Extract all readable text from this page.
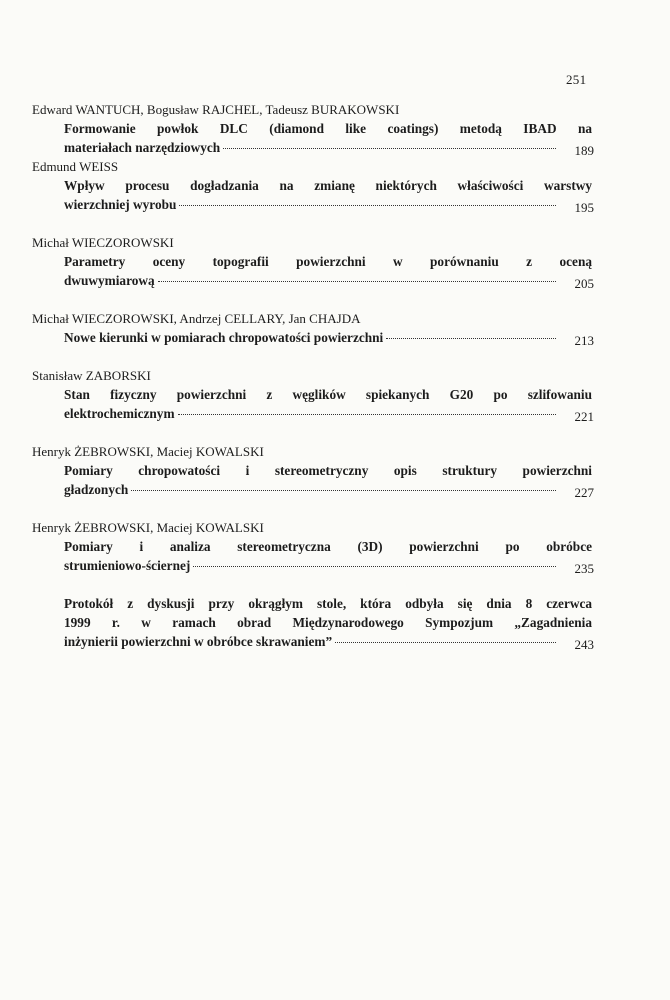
251
Edward WANTUCH, Bogusław RAJCHEL, Tadeusz BURAKOWSKI
Formowanie powłok DLC (diamond like coatings) metodą IBAD na
materiałach narzędziowych	189
Edmund WEISS
Wpływ procesu dogładzania na zmianę niektórych właściwości warstwy
wierzchniej wyrobu	195
Michał WIECZOROWSKI
Parametry oceny topografii powierzchni w porównaniu z oceną
dwuwymiarową	205
Michał WIECZOROWSKI, Andrzej CELLARY, Jan CHAJDA
Nowe kierunki w pomiarach chropowatości powierzchni	213
Stanisław ZABORSKI
Stan fizyczny powierzchni z węglików spiekanych G20 po szlifowaniu
elektrochemicznym	221
Henryk ŻEBROWSKI, Maciej KOWALSKI
Pomiary chropowatości i stereometryczny opis struktury powierzchni
gładzonych	227
Henryk ŻEBROWSKI, Maciej KOWALSKI
Pomiary i analiza stereometryczna (3D) powierzchni po obróbce
strumieniowo-ściernej	235
Protokół z dyskusji przy okrągłym stole, która odbyła się dnia 8 czerwca
1999 r. w ramach obrad Międzynarodowego Sympozjum „Zagadnienia
inżynierii powierzchni w obróbce skrawaniem”	243
